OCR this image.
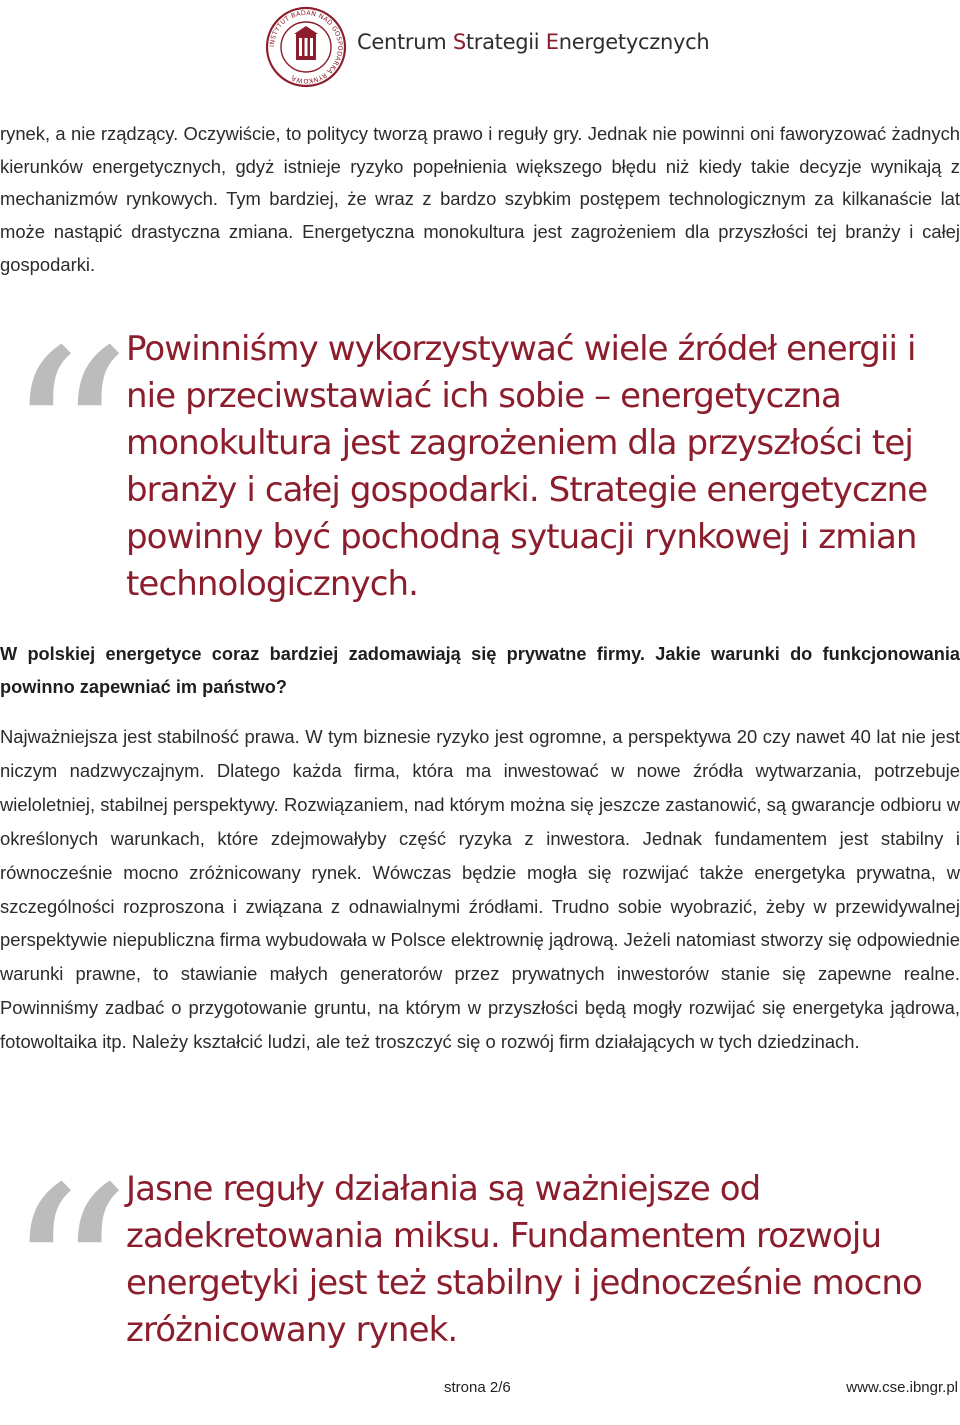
INSTYTUT BADAŃ NAD GOSPODARKĄ RYNKOWĄ
Centrum Strategii Energetycznych

rynek, a nie rządzący. Oczywiście, to politycy tworzą prawo i reguły gry. Jednak nie powinni oni faworyzować żadnych kierunków energetycznych, gdyż istnieje ryzyko popełnienia większego błędu niż kiedy takie decyzje wynikają z mechanizmów rynkowych. Tym bardziej, że wraz z bardzo szybkim postępem technologicznym za kilkanaście lat może nastąpić drastyczna zmiana. Energetyczna monokultura jest zagrożeniem dla przyszłości tej branży i całej gospodarki.

“

Powinniśmy wykorzystywać wiele źródeł energii i nie przeciwstawiać ich sobie – energetyczna monokultura jest zagrożeniem dla przyszłości tej branży i całej gospodarki. Strategie energetyczne powinny być pochodną sytuacji rynkowej i zmian technologicznych.

W polskiej energetyce coraz bardziej zadomawiają się prywatne firmy. Jakie warunki do funkcjonowania powinno zapewniać im państwo?

Najważniejsza jest stabilność prawa. W tym biznesie ryzyko jest ogromne, a perspektywa 20 czy nawet 40 lat nie jest niczym nadzwyczajnym. Dlatego każda firma, która ma inwestować w nowe źródła wytwarzania, potrzebuje wieloletniej, stabilnej perspektywy. Rozwiązaniem, nad którym można się jeszcze zastanowić, są gwarancje odbioru w określonych warunkach, które zdejmowałyby część ryzyka z inwestora. Jednak fundamentem jest stabilny i równocześnie mocno zróżnicowany rynek. Wówczas będzie mogła się rozwijać także energetyka prywatna, w szczególności rozproszona i związana z odnawialnymi źródłami. Trudno sobie wyobrazić, żeby w przewidywalnej perspektywie niepubliczna firma wybudowała w Polsce elektrownię jądrową. Jeżeli natomiast stworzy się odpowiednie warunki prawne, to stawianie małych generatorów przez prywatnych inwestorów stanie się zapewne realne. Powinniśmy zadbać o przygotowanie gruntu, na którym w przyszłości będą mogły rozwijać się energetyka jądrowa, fotowoltaika itp. Należy kształcić ludzi, ale też troszczyć się o rozwój firm działających w tych dziedzinach.

“

Jasne reguły działania są ważniejsze od zadekretowania miksu. Fundamentem rozwoju energetyki jest też stabilny i jednocześnie mocno zróżnicowany rynek.

strona 2/6	www.cse.ibngr.pl
